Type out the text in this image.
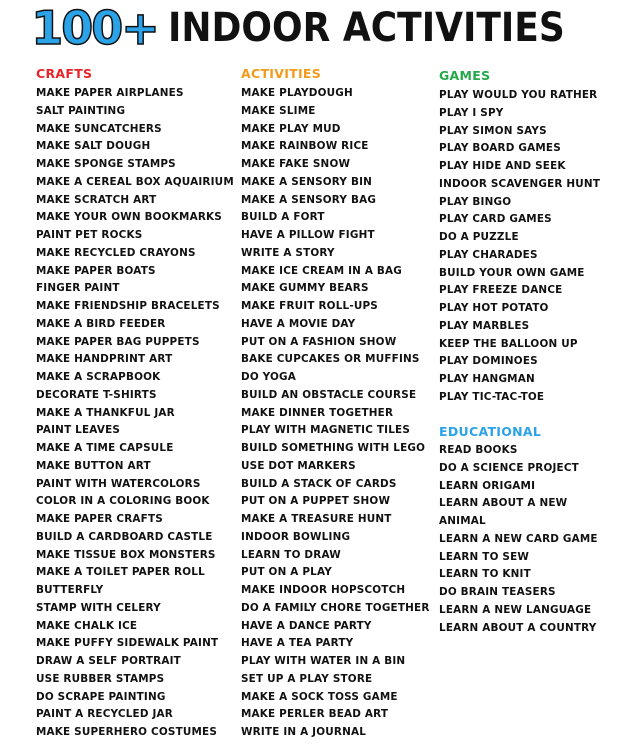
100+ INDOOR ACTIVITIES
CRAFTS
MAKE PAPER AIRPLANES
SALT PAINTING
MAKE SUNCATCHERS
MAKE SALT DOUGH
MAKE SPONGE STAMPS
MAKE A CEREAL BOX AQUAIRIUM
MAKE SCRATCH ART
MAKE YOUR OWN BOOKMARKS
PAINT PET ROCKS
MAKE RECYCLED CRAYONS
MAKE PAPER BOATS
FINGER PAINT
MAKE FRIENDSHIP BRACELETS
MAKE A BIRD FEEDER
MAKE PAPER BAG PUPPETS
MAKE HANDPRINT ART
MAKE A SCRAPBOOK
DECORATE T-SHIRTS
MAKE A THANKFUL JAR
PAINT LEAVES
MAKE A TIME CAPSULE
MAKE BUTTON ART
PAINT WITH WATERCOLORS
COLOR IN A COLORING BOOK
MAKE PAPER CRAFTS
BUILD A CARDBOARD CASTLE
MAKE TISSUE BOX MONSTERS
MAKE A TOILET PAPER ROLL
BUTTERFLY
STAMP WITH CELERY
MAKE CHALK ICE
MAKE PUFFY SIDEWALK PAINT
DRAW A SELF PORTRAIT
USE RUBBER STAMPS
DO SCRAPE PAINTING
PAINT A RECYCLED JAR
MAKE SUPERHERO COSTUMES
ACTIVITIES
MAKE PLAYDOUGH
MAKE SLIME
MAKE PLAY MUD
MAKE RAINBOW RICE
MAKE FAKE SNOW
MAKE A SENSORY BIN
MAKE A SENSORY BAG
BUILD A FORT
HAVE A PILLOW FIGHT
WRITE A STORY
MAKE ICE CREAM IN A BAG
MAKE GUMMY BEARS
MAKE FRUIT ROLL-UPS
HAVE A MOVIE DAY
PUT ON A FASHION SHOW
BAKE CUPCAKES OR MUFFINS
DO YOGA
BUILD AN OBSTACLE COURSE
MAKE DINNER TOGETHER
PLAY WITH MAGNETIC TILES
BUILD SOMETHING WITH LEGO
USE DOT MARKERS
BUILD A STACK OF CARDS
PUT ON A PUPPET SHOW
MAKE A TREASURE HUNT
INDOOR BOWLING
LEARN TO DRAW
PUT ON A PLAY
MAKE INDOOR HOPSCOTCH
DO A FAMILY CHORE TOGETHER
HAVE A DANCE PARTY
HAVE A TEA PARTY
PLAY WITH WATER IN A BIN
SET UP A PLAY STORE
MAKE A SOCK TOSS GAME
MAKE PERLER BEAD ART
WRITE IN A JOURNAL
GAMES
PLAY WOULD YOU RATHER
PLAY I SPY
PLAY SIMON SAYS
PLAY BOARD GAMES
PLAY HIDE AND SEEK
INDOOR SCAVENGER HUNT
PLAY BINGO
PLAY CARD GAMES
DO A PUZZLE
PLAY CHARADES
BUILD YOUR OWN GAME
PLAY FREEZE DANCE
PLAY HOT POTATO
PLAY MARBLES
KEEP THE BALLOON UP
PLAY DOMINOES
PLAY HANGMAN
PLAY TIC-TAC-TOE
EDUCATIONAL
READ BOOKS
DO A SCIENCE PROJECT
LEARN ORIGAMI
LEARN ABOUT A NEW
ANIMAL
LEARN A NEW CARD GAME
LEARN TO SEW
LEARN TO KNIT
DO BRAIN TEASERS
LEARN A NEW LANGUAGE
LEARN ABOUT A COUNTRY
